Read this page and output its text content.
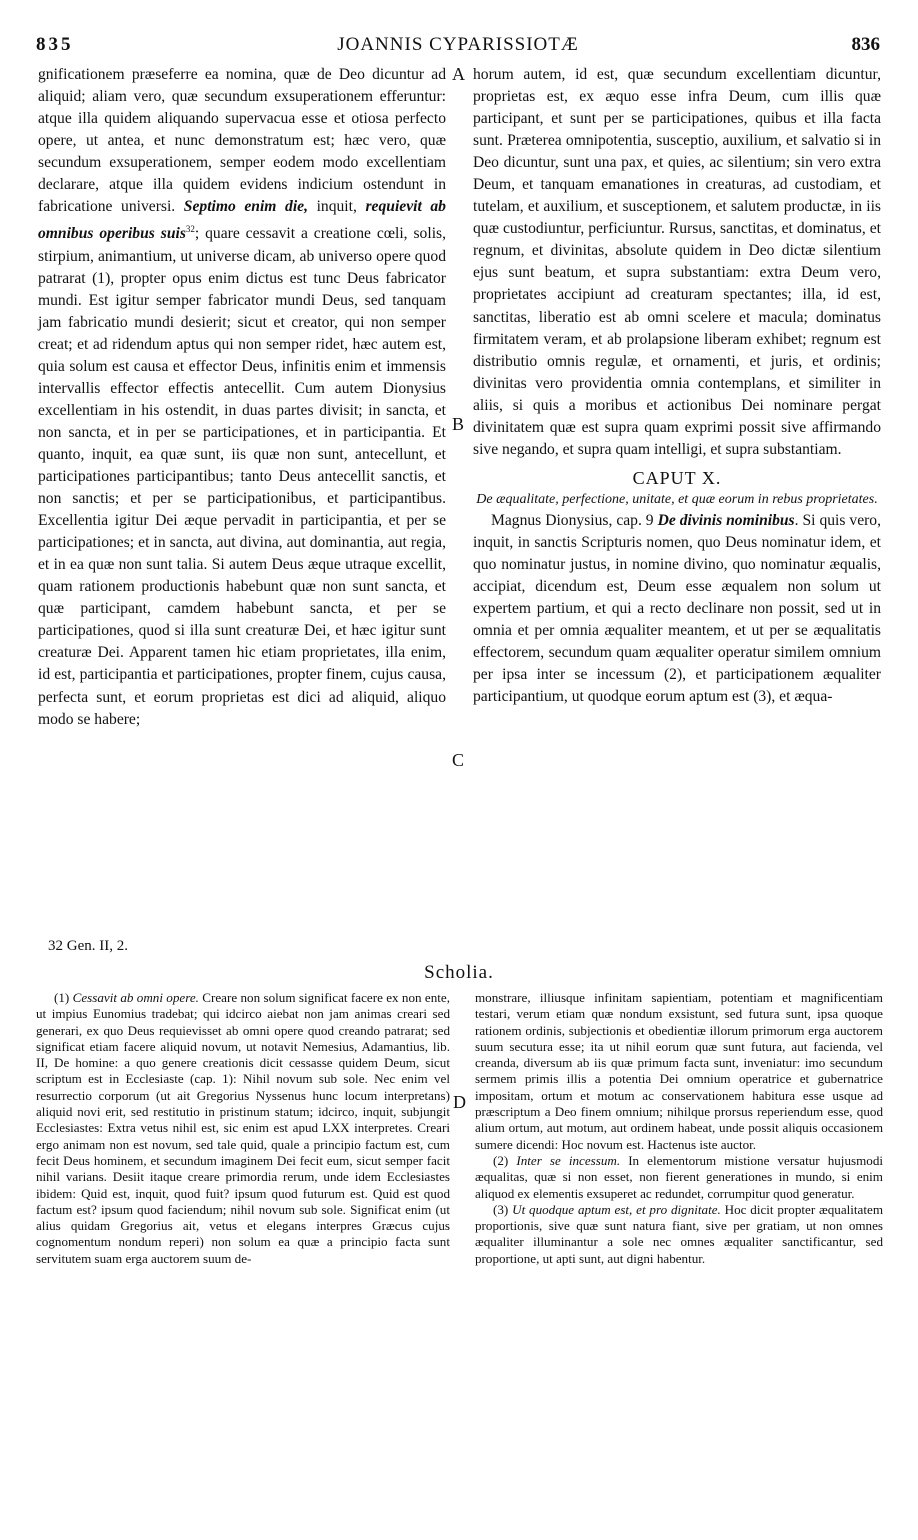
835	JOANNIS CYPARISSIOTÆ	836
A
B
C
D

gnificationem præseferre ea nomina, quæ de Deo dicuntur ad aliquid; aliam vero, quæ secundum exsuperationem efferuntur: atque illa quidem aliquando supervacua esse et otiosa perfecto opere, ut antea, et nunc demonstratum est; hæc vero, quæ secundum exsuperationem, semper eodem modo excellentiam declarare, atque illa quidem evidens indicium ostendunt in fabricatione universi. Septimo enim die, inquit, requievit ab omnibus operibus suis$^{32}$; quare cessavit a creatione cœli, solis, stirpium, animantium, ut universe dicam, ab universo opere quod patrarat (1), propter opus enim dictus est tunc Deus fabricator mundi. Est igitur semper fabricator mundi Deus, sed tanquam jam fabricatio mundi desierit; sicut et creator, qui non semper creat; et ad ridendum aptus qui non semper ridet, hæc autem est, quia solum est causa et effector Deus, infinitis enim et immensis intervallis effector effectis antecellit. Cum autem Dionysius excellentiam in his ostendit, in duas partes divisit; in sancta, et non sancta, et in per se participationes, et in participantia. Et quanto, inquit, ea quæ sunt, iis quæ non sunt, antecellunt, et participationes participantibus; tanto Deus antecellit sanctis, et non sanctis; et per se participationibus, et participantibus. Excellentia igitur Dei æque pervadit in participantia, et per se participationes; et in sancta, aut divina, aut dominantia, aut regia, et in ea quæ non sunt talia. Si autem Deus æque utraque excellit, quam rationem productionis habebunt quæ non sunt sancta, et quæ participant, camdem habebunt sancta, et per se participationes, quod si illa sunt creaturæ Dei, et hæc igitur sunt creaturæ Dei. Apparent tamen hic etiam proprietates, illa enim, id est, participantia et participationes, propter finem, cujus causa, perfecta sunt, et eorum proprietas est dici ad aliquid, aliquo modo se habere;

horum autem, id est, quæ secundum excellentiam dicuntur, proprietas est, ex æquo esse infra Deum, cum illis quæ participant, et sunt per se participationes, quibus et illa facta sunt. Præterea omnipotentia, susceptio, auxilium, et salvatio si in Deo dicuntur, sunt una pax, et quies, ac silentium; sin vero extra Deum, et tanquam emanationes in creaturas, ad custodiam, et tutelam, et auxilium, et susceptionem, et salutem productæ, in iis quæ custodiuntur, perficiuntur. Rursus, sanctitas, et dominatus, et regnum, et divinitas, absolute quidem in Deo dictæ silentium ejus sunt beatum, et supra substantiam: extra Deum vero, proprietates accipiunt ad creaturam spectantes; illa, id est, sanctitas, liberatio est ab omni scelere et macula; dominatus firmitatem veram, et ab prolapsione liberam exhibet; regnum est distributio omnis regulæ, et ornamenti, et juris, et ordinis; divinitas vero providentia omnia contemplans, et similiter in aliis, si quis a moribus et actionibus Dei nominare pergat divinitatem quæ est supra quam exprimi possit sive affirmando sive negando, et supra quam intelligi, et supra substantiam.

CAPUT X.
De æqualitate, perfectione, unitate, et quæ eorum in rebus proprietates.

Magnus Dionysius, cap. 9 De divinis nominibus. Si quis vero, inquit, in sanctis Scripturis nomen, quo Deus nominatur idem, et quo nominatur justus, in nomine divino, quo nominatur æqualis, accipiat, dicendum est, Deum esse æqualem non solum ut expertem partium, et qui a recto declinare non possit, sed ut in omnia et per omnia æqualiter meantem, et ut per se æqualitatis effectorem, secundum quam æqualiter operatur similem omnium per ipsa inter se incessum (2), et participationem æqualiter participantium, ut quodque eorum aptum est (3), et æqua-

32 Gen. II, 2.
Scholia.

(1) Cessavit ab omni opere. Creare non solum significat facere ex non ente, ut impius Eunomius tradebat; qui idcirco aiebat non jam animas creari sed generari, ex quo Deus requievisset ab omni opere quod creando patrarat; sed significat etiam facere aliquid novum, ut notavit Nemesius, Adamantius, lib. II, De homine: a quo genere creationis dicit cessasse quidem Deum, sicut scriptum est in Ecclesiaste (cap. 1): Nihil novum sub sole. Nec enim vel resurrectio corporum (ut ait Gregorius Nyssenus hunc locum interpretans) aliquid novi erit, sed restitutio in pristinum statum; idcirco, inquit, subjungit Ecclesiastes: Extra vetus nihil est, sic enim est apud LXX interpretes. Creari ergo animam non est novum, sed tale quid, quale a principio factum est, cum fecit Deus hominem, et secundum imaginem Dei fecit eum, sicut semper facit nihil varians. Desiit itaque creare primordia rerum, unde idem Ecclesiastes ibidem: Quid est, inquit, quod fuit? ipsum quod futurum est. Quid est quod factum est? ipsum quod faciendum; nihil novum sub sole. Significat enim (ut alius quidam Gregorius ait, vetus et elegans interpres Græcus cujus cognomentum nondum reperi) non solum ea quæ a principio facta sunt servitutem suam erga auctorem suum de-

monstrare, illiusque infinitam sapientiam, potentiam et magnificentiam testari, verum etiam quæ nondum exsistunt, sed futura sunt, ipsa quoque rationem ordinis, subjectionis et obedientiæ illorum primorum erga auctorem suum secutura esse; ita ut nihil eorum quæ sunt futura, aut facienda, vel creanda, diversum ab iis quæ primum facta sunt, inveniatur: imo secundum sermem primis illis a potentia Dei omnium operatrice et gubernatrice impositam, ortum et motum ac conservationem habitura esse usque ad præscriptum a Deo finem omnium; nihilque prorsus reperiendum esse, quod alium ortum, aut motum, aut ordinem habeat, unde possit aliquis occasionem sumere dicendi: Hoc novum est. Hactenus iste auctor.

(2) Inter se incessum. In elementorum mistione versatur hujusmodi æqualitas, quæ si non esset, non fierent generationes in mundo, si enim aliquod ex elementis exsuperet ac redundet, corrumpitur quod generatur.

(3) Ut quodque aptum est, et pro dignitate. Hoc dicit propter æqualitatem proportionis, sive quæ sunt natura fiant, sive per gratiam, ut non omnes æqualiter illuminantur a sole nec omnes æqualiter sanctificantur, sed proportione, ut apti sunt, aut digni habentur.
